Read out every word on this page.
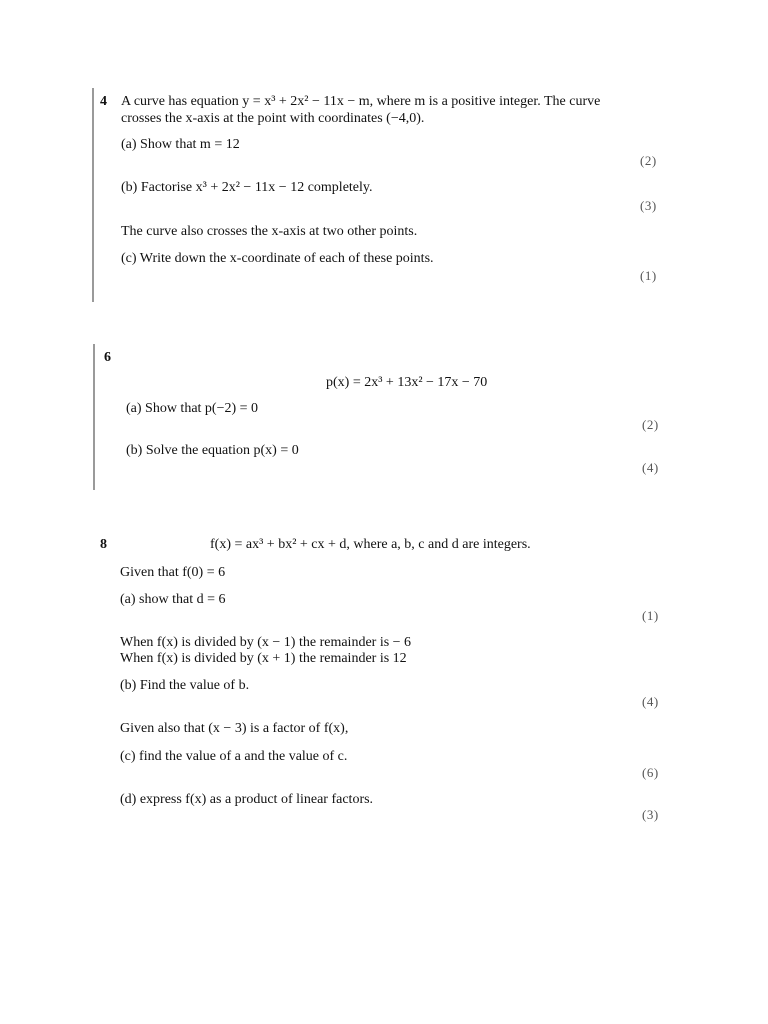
4 A curve has equation y = x³ + 2x² − 11x − m, where m is a positive integer. The curve
crosses the x-axis at the point with coordinates (−4,0).
(a) Show that m = 12
(2)
(b) Factorise x³ + 2x² − 11x − 12 completely.
(3)
The curve also crosses the x-axis at two other points.
(c) Write down the x-coordinate of each of these points.
(1)
6
p(x) = 2x³ + 13x² − 17x − 70
(a) Show that p(−2) = 0
(2)
(b) Solve the equation p(x) = 0
(4)
8	f(x) = ax³ + bx² + cx + d, where a, b, c and d are integers.
Given that f(0) = 6
(a) show that d = 6
(1)
When f(x) is divided by (x − 1) the remainder is − 6
When f(x) is divided by (x + 1) the remainder is 12
(b) Find the value of b.
(4)
Given also that (x − 3) is a factor of f(x),
(c) find the value of a and the value of c.
(6)
(d) express f(x) as a product of linear factors.
(3)
